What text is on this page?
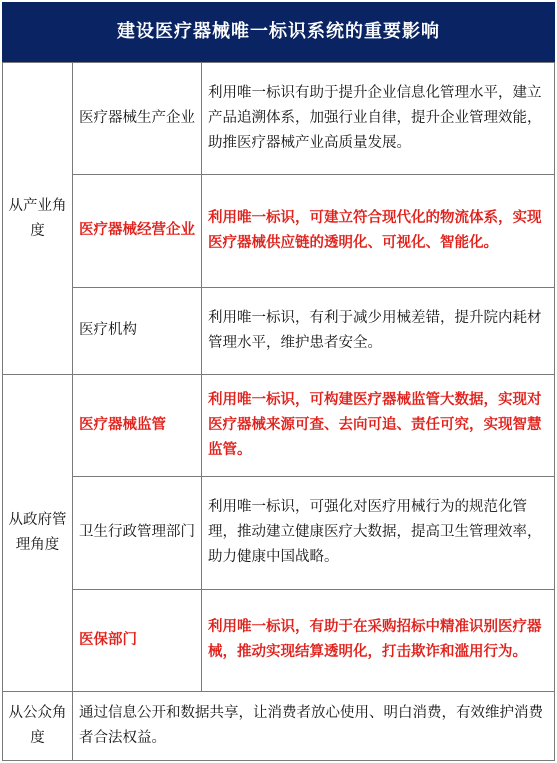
建设医疗器械唯一标识系统的重要影响
从产业角度	医疗器械生产企业	利用唯一标识有助于提升企业信息化管理水平，建立产品追溯体系，加强行业自律，提升企业管理效能，助推医疗器械产业高质量发展。
	医疗器械经营企业	利用唯一标识，可建立符合现代化的物流体系，实现医疗器械供应链的透明化、可视化、智能化。
	医疗机构	利用唯一标识，有利于减少用械差错，提升院内耗材管理水平，维护患者安全。
从政府管理角度	医疗器械监管	利用唯一标识，可构建医疗器械监管大数据，实现对医疗器械来源可查、去向可追、责任可究，实现智慧监管。
	卫生行政管理部门	利用唯一标识，可强化对医疗用械行为的规范化管理，推动建立健康医疗大数据，提高卫生管理效率，助力健康中国战略。
	医保部门	利用唯一标识，有助于在采购招标中精准识别医疗器械，推动实现结算透明化，打击欺诈和滥用行为。
从公众角度	通过信息公开和数据共享，让消费者放心使用、明白消费，有效维护消费者合法权益。	
